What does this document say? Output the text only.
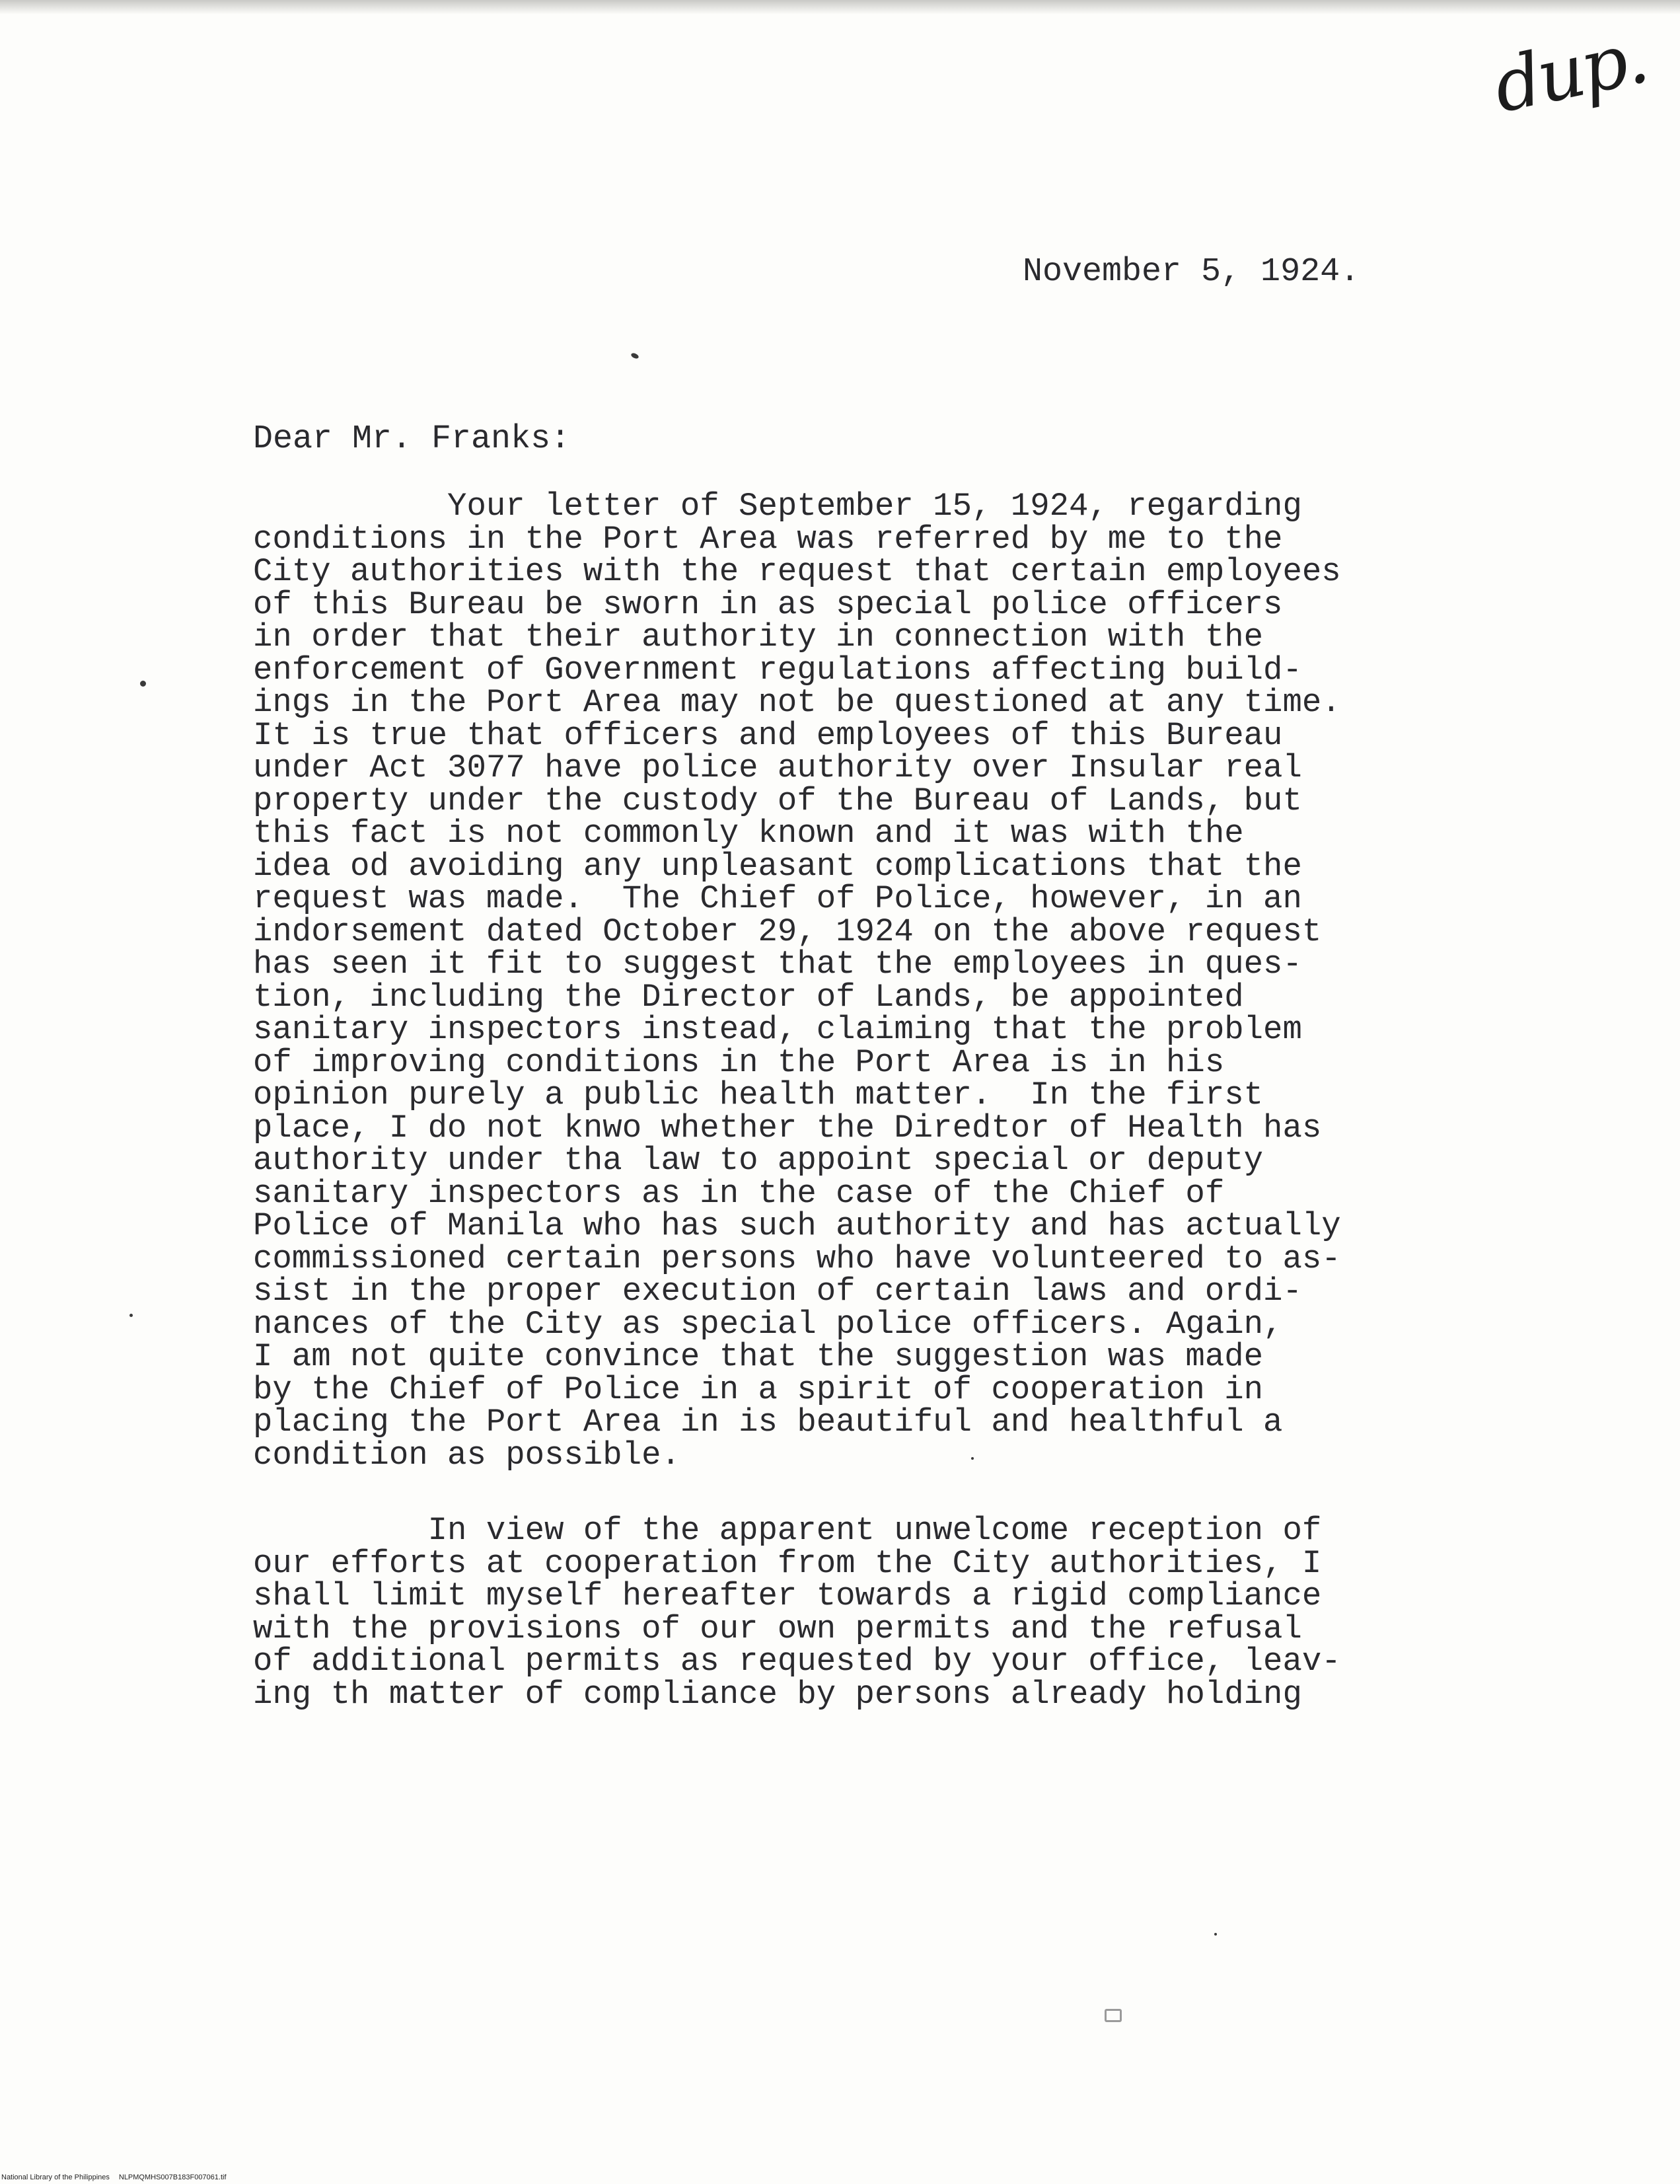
dup.
November 5, 1924.
Dear Mr. Franks:
Your letter of September 15, 1924, regarding
conditions in the Port Area was referred by me to the
City authorities with the request that certain employees
of this Bureau be sworn in as special police officers
in order that their authority in connection with the
enforcement of Government regulations affecting build-
ings in the Port Area may not be questioned at any time.
It is true that officers and employees of this Bureau
under Act 3077 have police authority over Insular real
property under the custody of the Bureau of Lands, but
this fact is not commonly known and it was with the
idea od avoiding any unpleasant complications that the
request was made.  The Chief of Police, however, in an
indorsement dated October 29, 1924 on the above request
has seen it fit to suggest that the employees in ques-
tion, including the Director of Lands, be appointed
sanitary inspectors instead, claiming that the problem
of improving conditions in the Port Area is in his
opinion purely a public health matter.  In the first
place, I do not knwo whether the Diredtor of Health has
authority under tha law to appoint special or deputy
sanitary inspectors as in the case of the Chief of
Police of Manila who has such authority and has actually
commissioned certain persons who have volunteered to as-
sist in the proper execution of certain laws and ordi-
nances of the City as special police officers. Again,
I am not quite convince that the suggestion was made
by the Chief of Police in a spirit of cooperation in
placing the Port Area in is beautiful and healthful a
condition as possible.
In view of the apparent unwelcome reception of
our efforts at cooperation from the City authorities, I
shall limit myself hereafter towards a rigid compliance
with the provisions of our own permits and the refusal
of additional permits as requested by your office, leav-
ing th matter of compliance by persons already holding
National Library of the Philippines NLPMQMHS007B183F007061.tif
